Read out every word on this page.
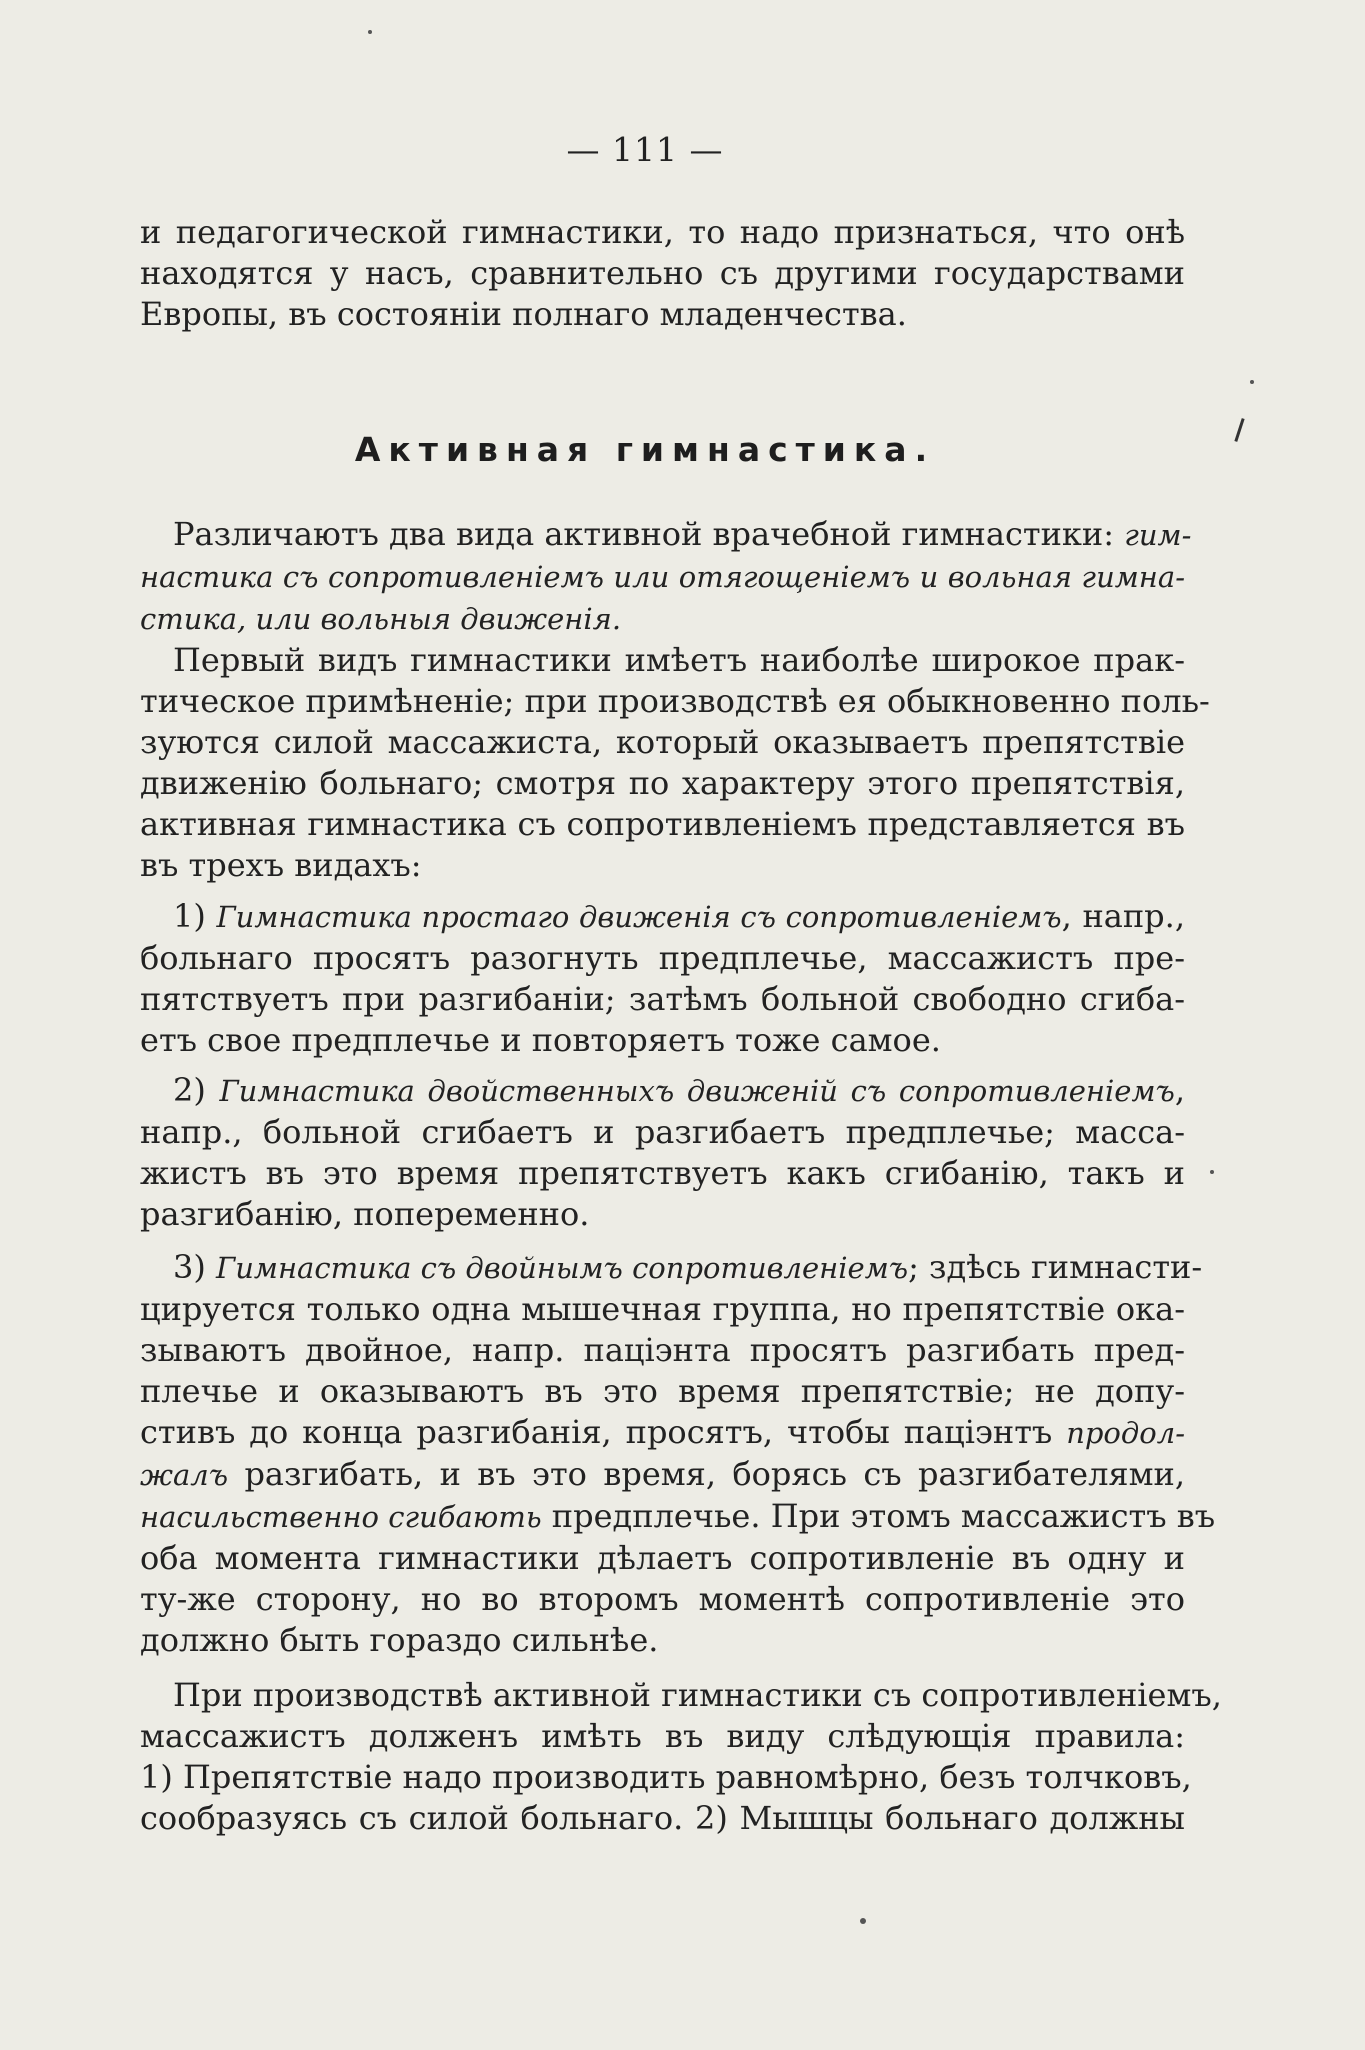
— 111 —
и педагогической гимнастики, то надо признаться, что онѣ
находятся у насъ, сравнительно съ другими государствами
Европы, въ состоянiи полнаго младенчества.
Активная гимнастика.
Различаютъ два вида активной врачебной гимнастики: гим-
настика съ сопротивленiемъ или отягощенiемъ и вольная гимна-
стика, или вольныя движенiя.
Первый видъ гимнастики имѣетъ наиболѣе широкое прак-
тическое примѣненiе; при производствѣ ея обыкновенно поль-
зуются силой массажиста, который оказываетъ препятствiе
движенiю больнаго; смотря по характеру этого препятствiя,
активная гимнастика съ сопротивленiемъ представляется въ
въ трехъ видахъ:
1) Гимнастика простаго движенiя съ сопротивленiемъ, напр.,
больнаго просятъ разогнуть предплечье, массажистъ пре-
пятствуетъ при разгибанiи; затѣмъ больной свободно сгиба-
етъ свое предплечье и повторяетъ тоже самое.
2) Гимнастика двойственныхъ движенiй съ сопротивленiемъ,
напр., больной сгибаетъ и разгибаетъ предплечье; масса-
жистъ въ это время препятствуетъ какъ сгибанiю, такъ и
разгибанiю, попеременно.
3) Гимнастика съ двойнымъ сопротивленiемъ; здѣсь гимнасти-
цируется только одна мышечная группа, но препятствiе ока-
зываютъ двойное, напр. пацiэнта просятъ разгибать пред-
плечье и оказываютъ въ это время препятствiе; не допу-
стивъ до конца разгибанiя, просятъ, чтобы пацiэнтъ продол-
жалъ разгибать, и въ это время, борясь съ разгибателями,
насильственно сгибають предплечье. При этомъ массажистъ въ
оба момента гимнастики дѣлаетъ сопротивленiе въ одну и
ту-же сторону, но во второмъ моментѣ сопротивленiе это
должно быть гораздо сильнѣе.
При производствѣ активной гимнастики съ сопротивленiемъ,
массажистъ долженъ имѣть въ виду слѣдующiя правила:
1) Препятствiе надо производить равномѣрно, безъ толчковъ,
сообразуясь съ силой больнаго. 2) Мышцы больнаго должны
